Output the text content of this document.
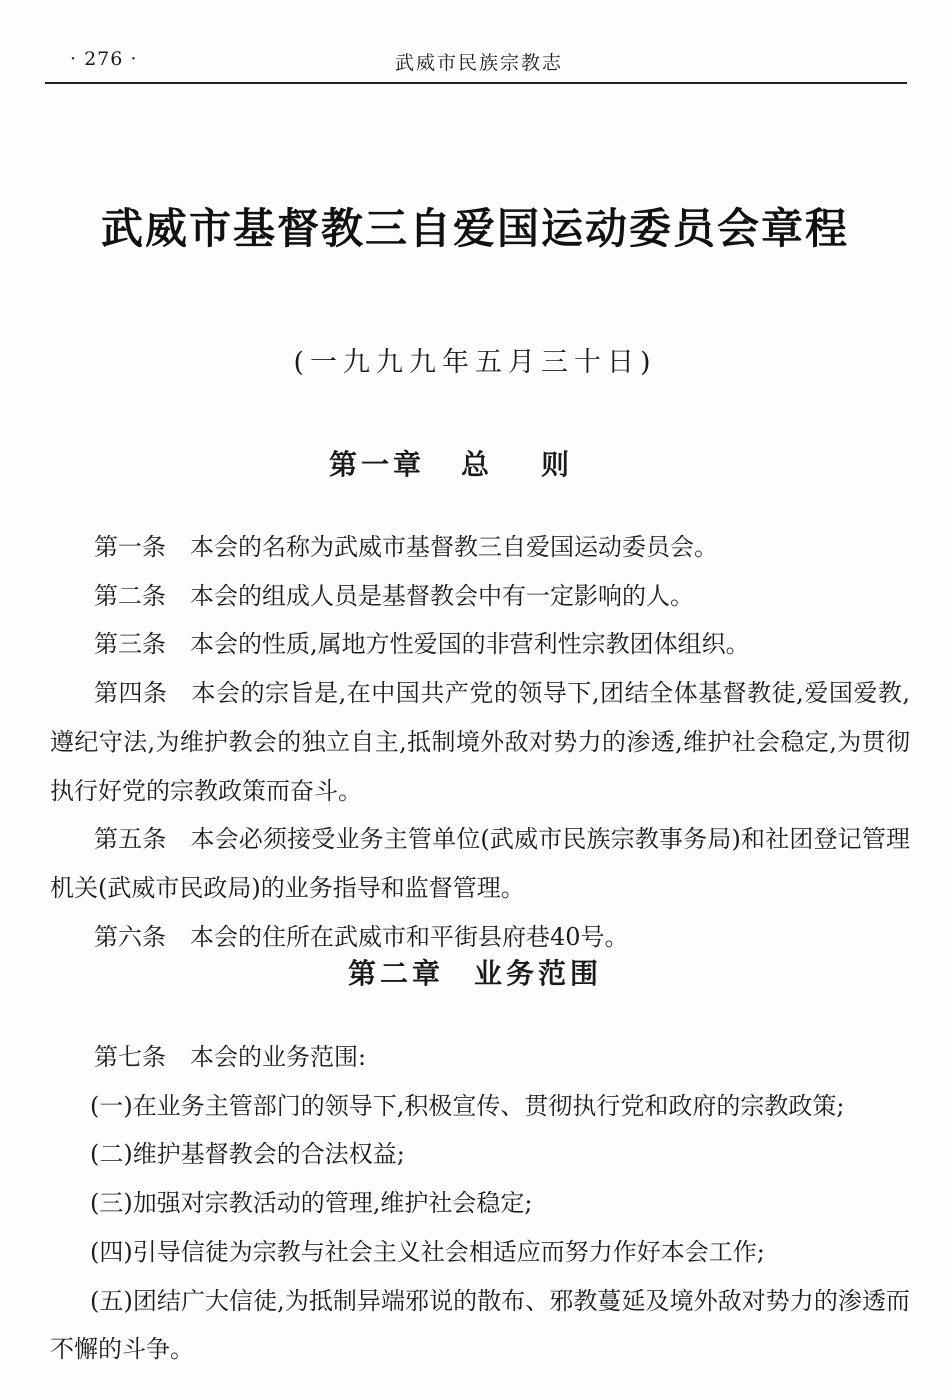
· 276 ·	武威市民族宗教志
武威市基督教三自爱国运动委员会章程
(一九九九年五月三十日)
第一章 总则

第一条 本会的名称为武威市基督教三自爱国运动委员会。

第二条 本会的组成人员是基督教会中有一定影响的人。

第三条 本会的性质,属地方性爱国的非营利性宗教团体组织。

第四条 本会的宗旨是,在中国共产党的领导下,团结全体基督教徒,爱国爱教,遵纪守法,为维护教会的独立自主,抵制境外敌对势力的渗透,维护社会稳定,为贯彻执行好党的宗教政策而奋斗。

第五条 本会必须接受业务主管单位(武威市民族宗教事务局)和社团登记管理机关(武威市民政局)的业务指导和监督管理。

第六条 本会的住所在武威市和平街县府巷40号。

第二章 业务范围

第七条 本会的业务范围:

(一)在业务主管部门的领导下,积极宣传、贯彻执行党和政府的宗教政策;

(二)维护基督教会的合法权益;

(三)加强对宗教活动的管理,维护社会稳定;

(四)引导信徒为宗教与社会主义社会相适应而努力作好本会工作;

(五)团结广大信徒,为抵制异端邪说的散布、邪教蔓延及境外敌对势力的渗透而不懈的斗争。
